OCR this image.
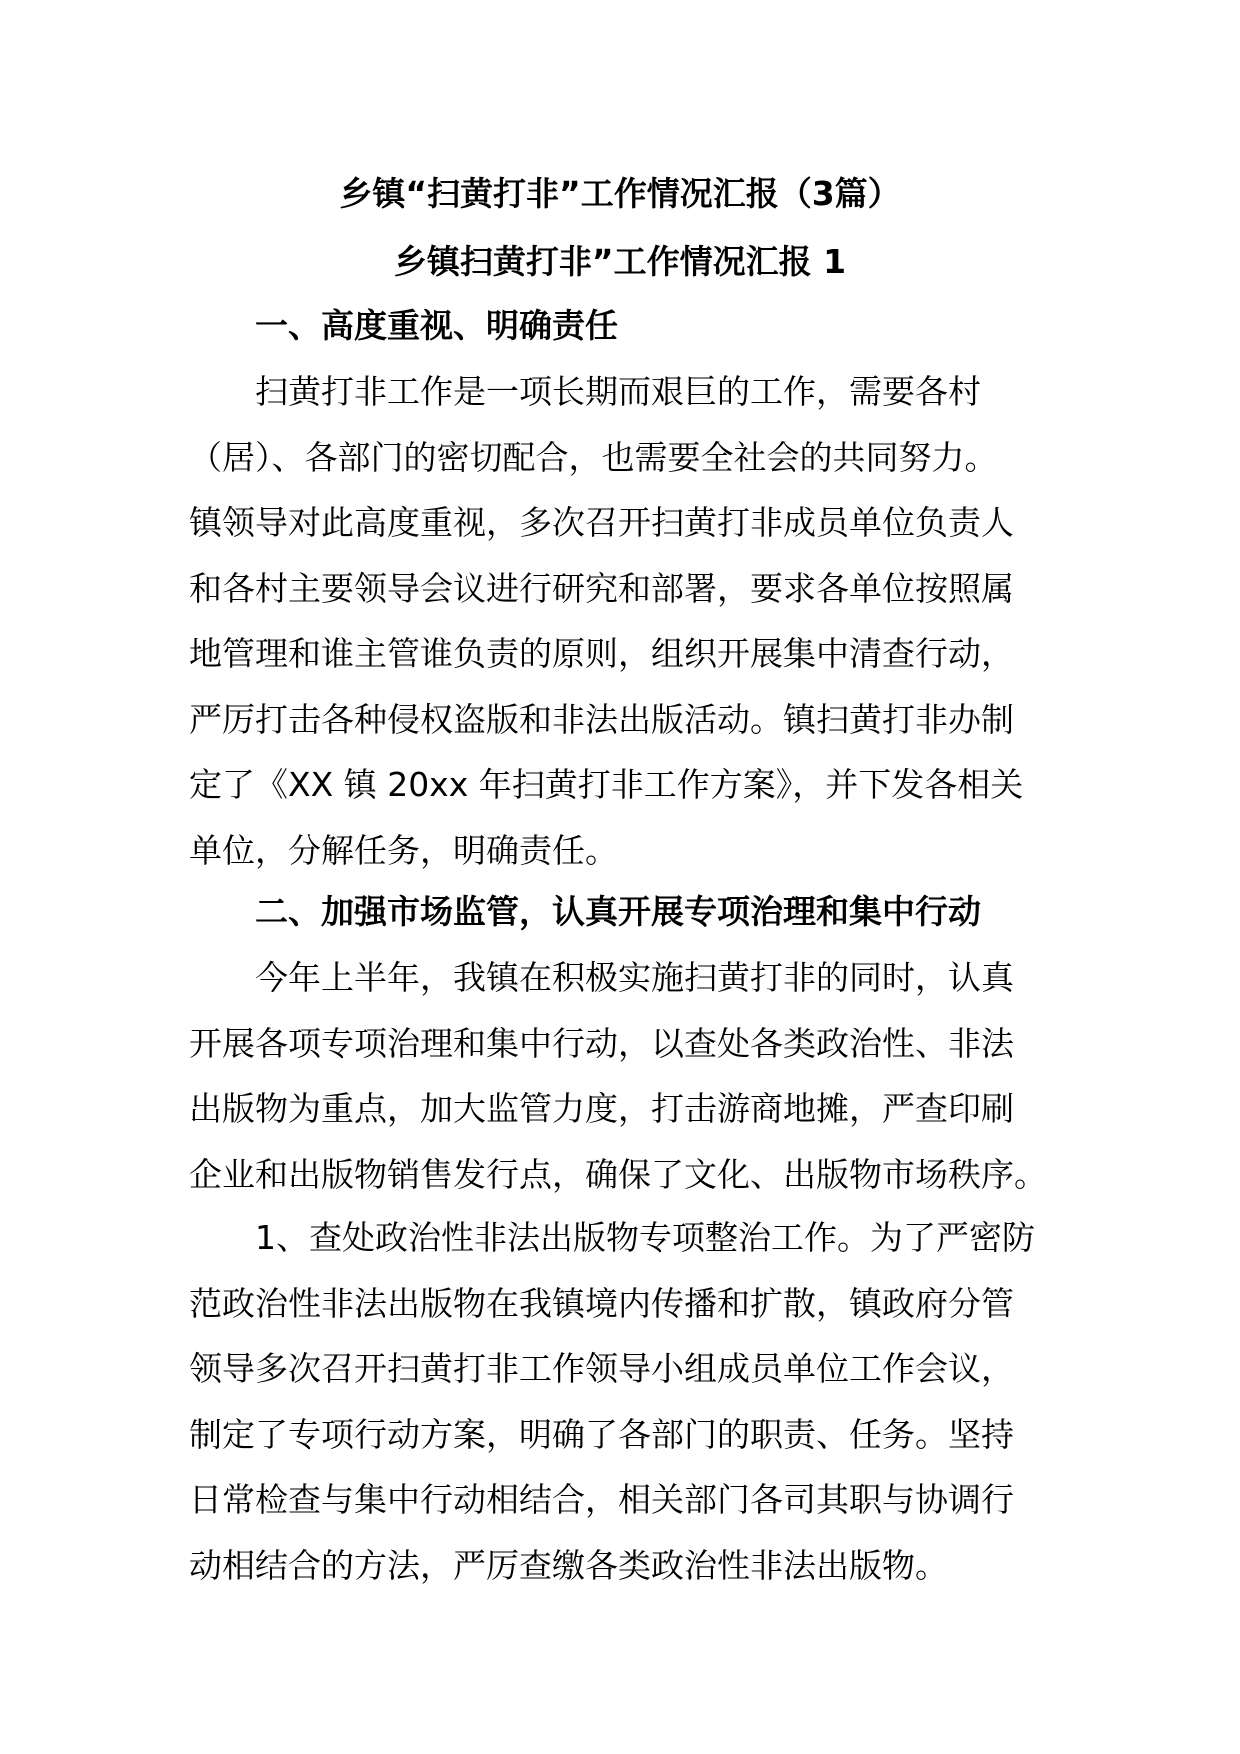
乡镇“扫黄打非”工作情况汇报（3篇）
乡镇扫黄打非”工作情况汇报 1
一、高度重视、明确责任
扫黄打非工作是一项长期而艰巨的工作，需要各村
（居）、各部门的密切配合，也需要全社会的共同努力。
镇领导对此高度重视，多次召开扫黄打非成员单位负责人
和各村主要领导会议进行研究和部署，要求各单位按照属
地管理和谁主管谁负责的原则，组织开展集中清查行动，
严厉打击各种侵权盗版和非法出版活动。镇扫黄打非办制
定了《XX 镇 20xx 年扫黄打非工作方案》，并下发各相关
单位，分解任务，明确责任。
二、加强市场监管，认真开展专项治理和集中行动
今年上半年，我镇在积极实施扫黄打非的同时，认真
开展各项专项治理和集中行动，以查处各类政治性、非法
出版物为重点，加大监管力度，打击游商地摊，严查印刷
企业和出版物销售发行点，确保了文化、出版物市场秩序。
1、查处政治性非法出版物专项整治工作。为了严密防
范政治性非法出版物在我镇境内传播和扩散，镇政府分管
领导多次召开扫黄打非工作领导小组成员单位工作会议，
制定了专项行动方案，明确了各部门的职责、任务。坚持
日常检查与集中行动相结合，相关部门各司其职与协调行
动相结合的方法，严厉查缴各类政治性非法出版物。
